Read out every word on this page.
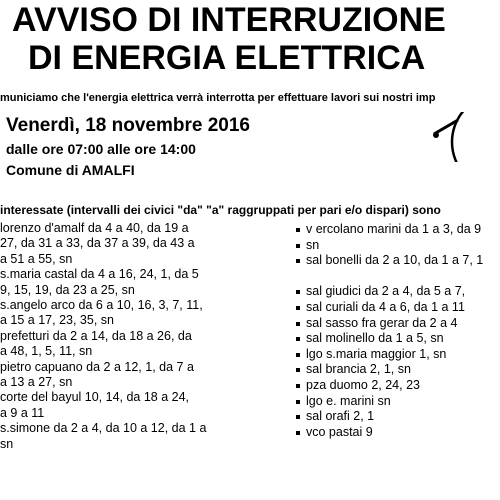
AVVISO DI INTERRUZIONE
DI ENERGIA ELETTRICA
municiamo che l'energia elettrica verrà interrotta per effettuare lavori sui nostri imp
Venerdì, 18 novembre 2016
dalle ore 07:00 alle ore 14:00
Comune di AMALFI
interessate (intervalli dei civici "da" "a" raggruppati per pari e/o dispari) sono
lorenzo d'amalf da 4 a 40, da 19 a
27, da 31 a 33, da 37 a 39, da 43 a
a 51 a 55, sn
s.maria castal da 4 a 16, 24, 1, da 5
9, 15, 19, da 23 a 25, sn
s.angelo arco da 6 a 10, 16, 3, 7, 11,
a 15 a 17, 23, 35, sn
prefetturi da 2 a 14, da 18 a 26, da
a 48, 1, 5, 11, sn
pietro capuano da 2 a 12, 1, da 7 a
a 13 a 27, sn
corte del bayul 10, 14, da 18 a 24,
a 9 a 11
s.simone da 2 a 4, da 10 a 12, da 1 a
sn
v ercolano marini da 1 a 3, da 9
sn
sal bonelli da 2 a 10, da 1 a 7, 1
sal giudici da 2 a 4, da 5 a 7,
sal curiali da 4 a 6, da 1 a 11
sal sasso fra gerar da 2 a 4
sal molinello da 1 a 5, sn
lgo s.maria maggior 1, sn
sal brancia 2, 1, sn
pza duomo 2, 24, 23
lgo e. marini sn
sal orafi 2, 1
vco pastai 9
